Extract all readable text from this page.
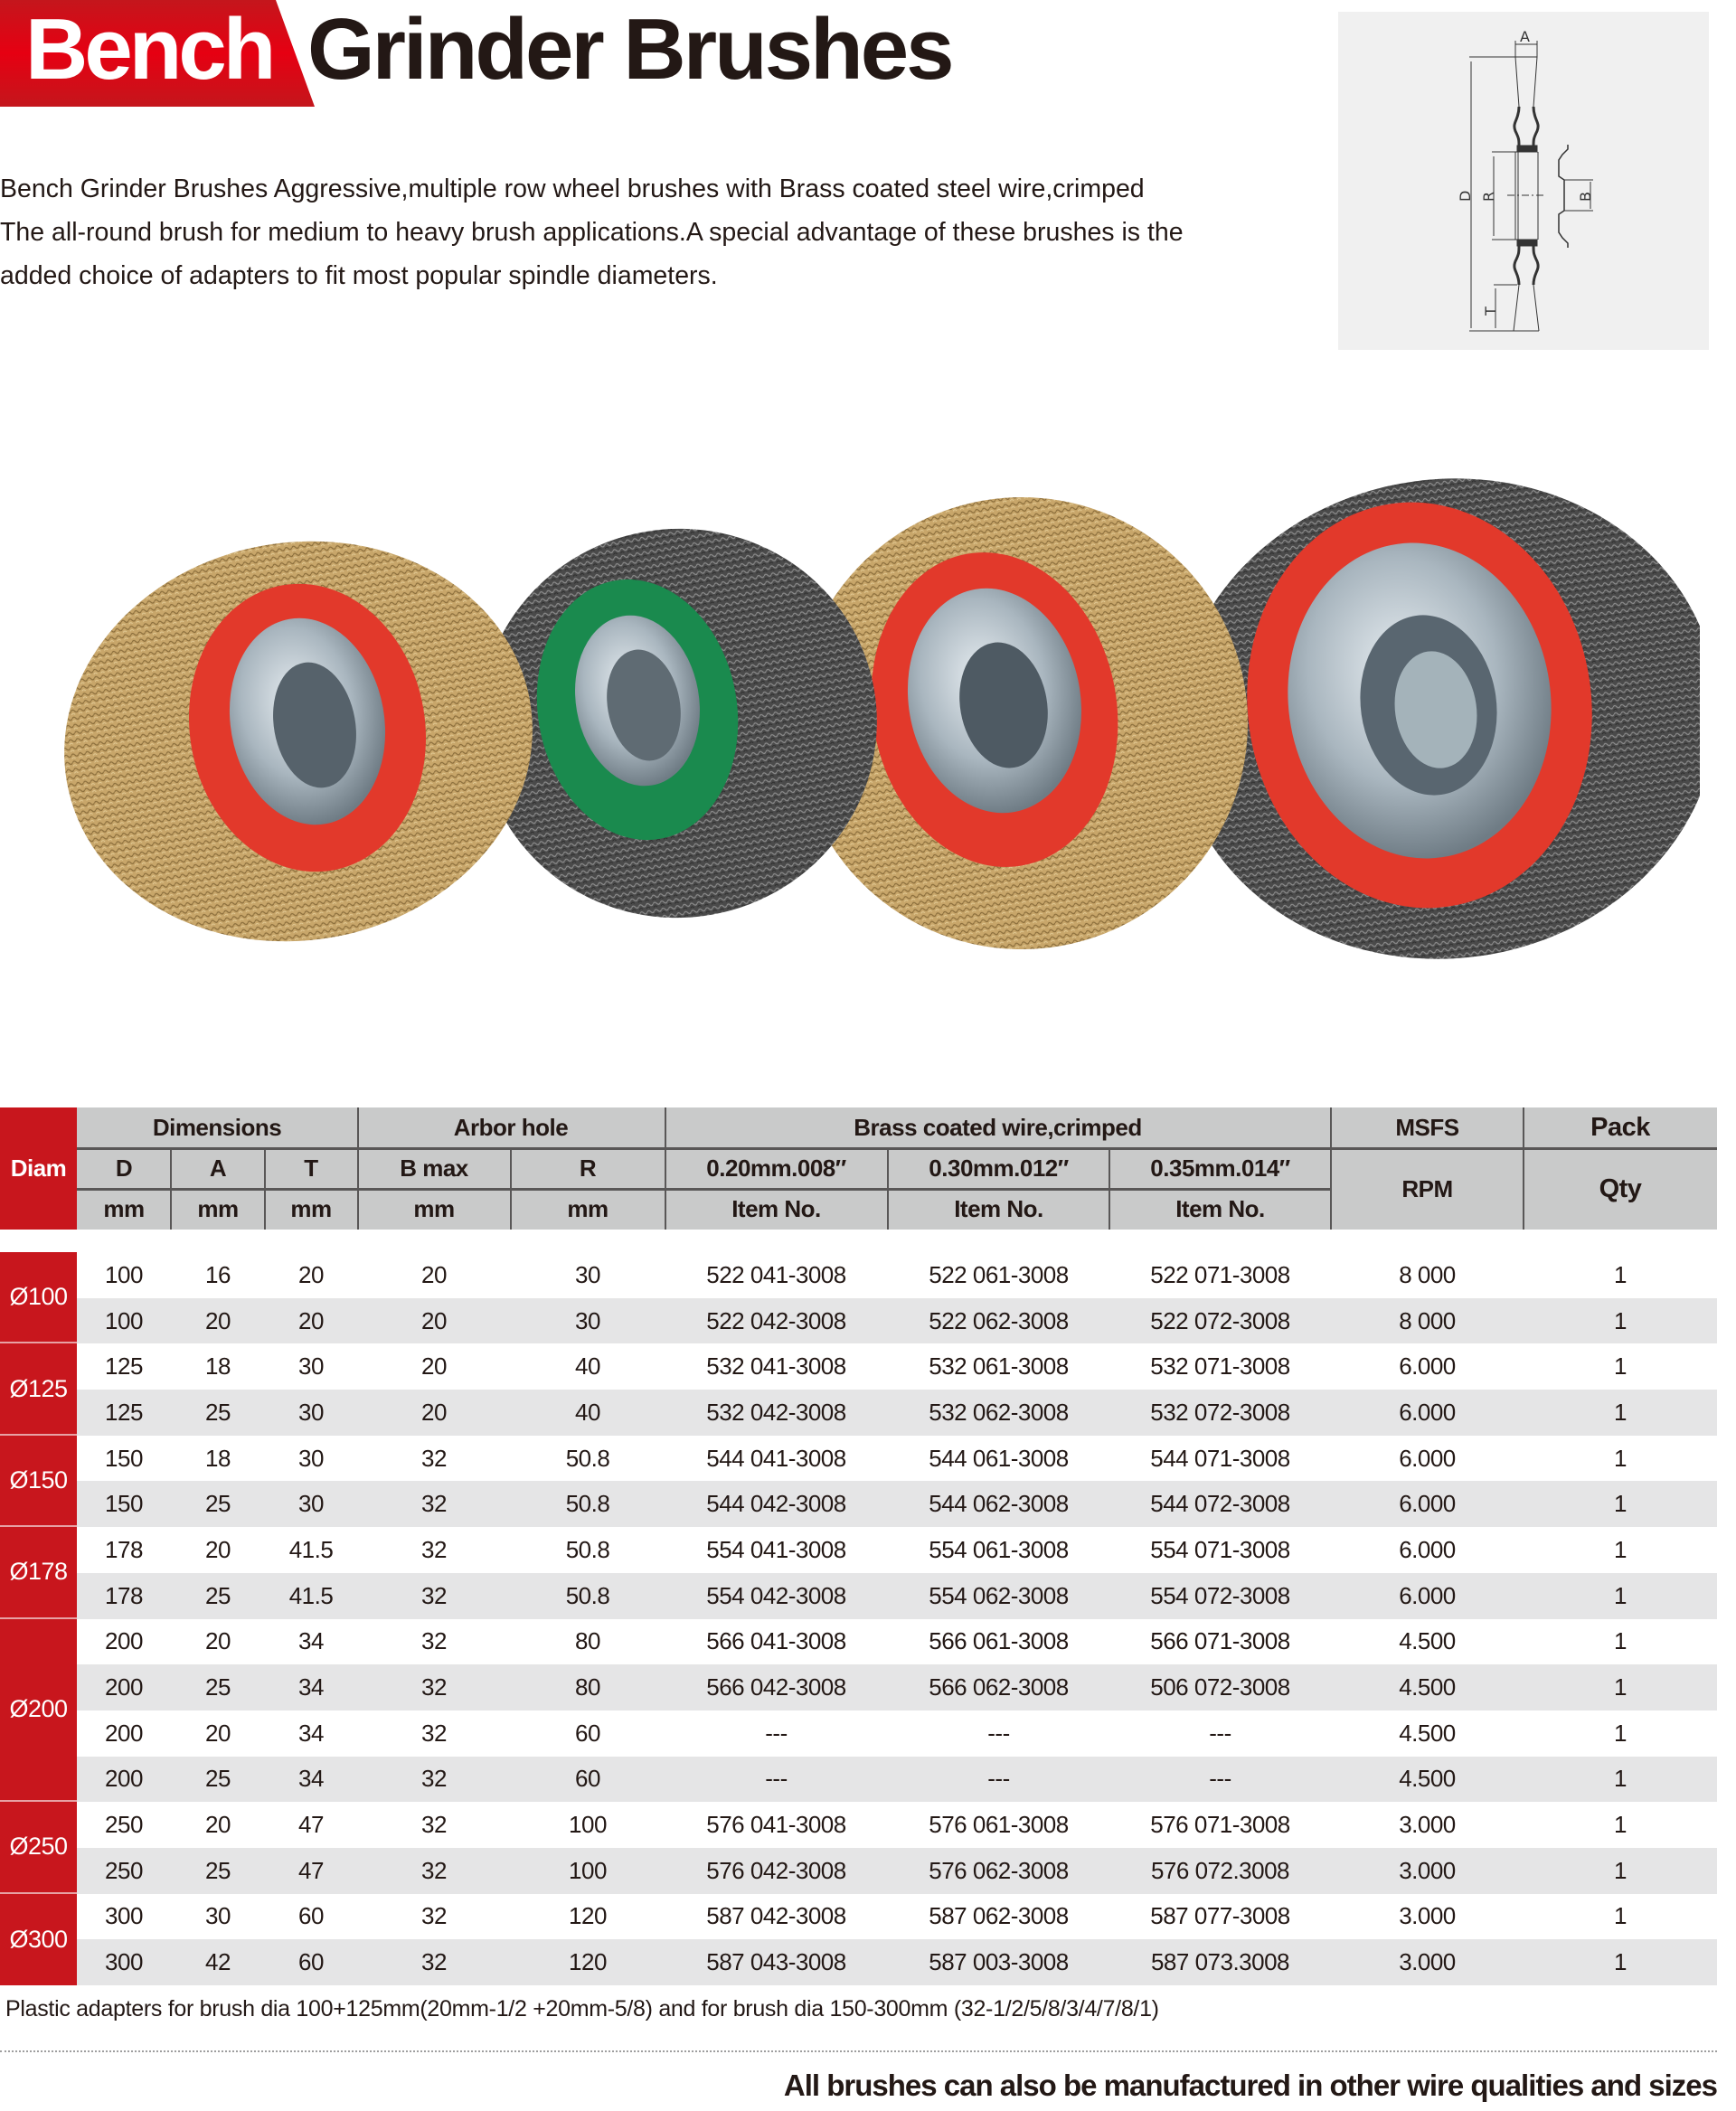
Bench Grinder Brushes

Bench Grinder Brushes Aggressive,multiple row wheel brushes with Brass coated steel wire,crimped

The all-round brush for medium to heavy brush applications.A special advantage of these brushes is the

added choice of adapters to fit most popular spindle diameters.

A
D R	B
T
Diam
Dimensions	Arbor hole	Brass coated wire,crimped	MSFS	Pack
D	A	T	B max	R	0.20mm.008″	0.30mm.012″	0.35mm.014″
RPM	Qty
mm	mm	mm	mm	mm	Item No.	Item No.	Item No.
Ø100
100	16	20	20	30	522 041-3008	522 061-3008	522 071-3008	8 000	1
100	20	20	20	30	522 042-3008	522 062-3008	522 072-3008	8 000	1
Ø125
125	18	30	20	40	532 041-3008	532 061-3008	532 071-3008	6.000	1
125	25	30	20	40	532 042-3008	532 062-3008	532 072-3008	6.000	1
Ø150
150	18	30	32	50.8	544 041-3008	544 061-3008	544 071-3008	6.000	1
150	25	30	32	50.8	544 042-3008	544 062-3008	544 072-3008	6.000	1
Ø178
178	20	41.5	32	50.8	554 041-3008	554 061-3008	554 071-3008	6.000	1
178	25	41.5	32	50.8	554 042-3008	554 062-3008	554 072-3008	6.000	1
Ø200
200	20	34	32	80	566 041-3008	566 061-3008	566 071-3008	4.500	1
200	25	34	32	80	566 042-3008	566 062-3008	506 072-3008	4.500	1
200	20	34	32	60	---	---	---	4.500	1
200	25	34	32	60	---	---	---	4.500	1
Ø250
250	20	47	32	100	576 041-3008	576 061-3008	576 071-3008	3.000	1
250	25	47	32	100	576 042-3008	576 062-3008	576 072.3008	3.000	1
Ø300
300	30	60	32	120	587 042-3008	587 062-3008	587 077-3008	3.000	1
300	42	60	32	120	587 043-3008	587 003-3008	587 073.3008	3.000	1
Plastic adapters for brush dia 100+125mm(20mm-1/2 +20mm-5/8) and for brush dia 150-300mm (32-1/2/5/8/3/4/7/8/1)
All brushes can also be manufactured in other wire qualities and sizes
